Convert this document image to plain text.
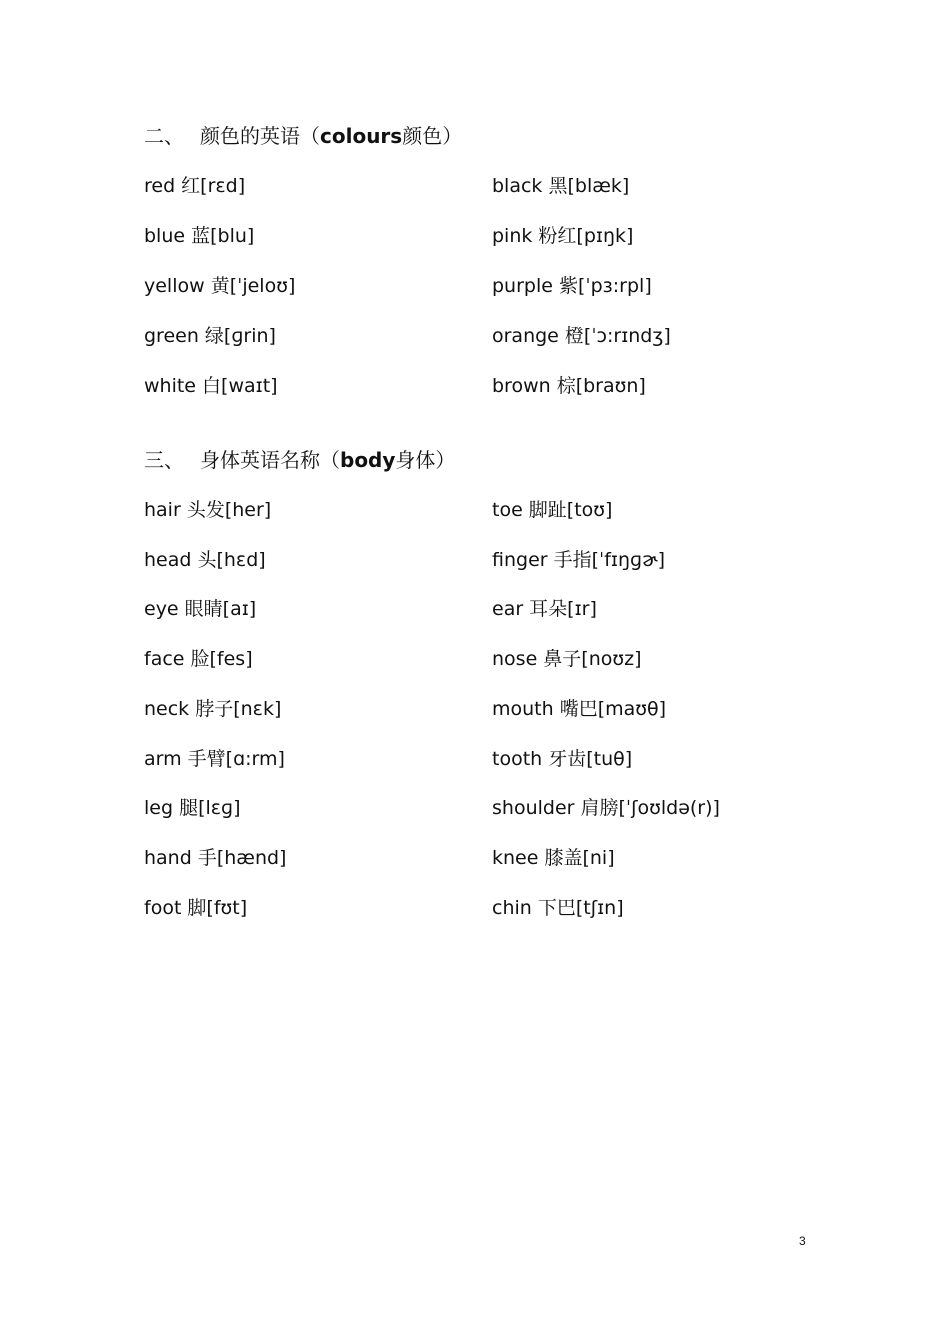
二、 颜色的英语（colours颜色）
red 红[rɛd]	black 黑[blæk]
blue 蓝[blu]	pink 粉红[pɪŋk]
yellow 黄[ˈjeloʊ]	purple 紫[ˈpɜ:rpl]
green 绿[ɡrin]	orange 橙[ˈɔ:rɪndʒ]
white 白[waɪt]	brown 棕[braʊn]
三、 身体英语名称（body身体）
hair 头发[her]	toe 脚趾[toʊ]
head 头[hɛd]	finger 手指[ˈfɪŋɡɚ]
eye 眼睛[aɪ]	ear 耳朵[ɪr]
face 脸[fes]	nose 鼻子[noʊz]
neck 脖子[nɛk]	mouth 嘴巴[maʊθ]
arm 手臂[ɑ:rm]	tooth 牙齿[tuθ]
leg 腿[lɛɡ]	shoulder 肩膀[ˈʃoʊldə(r)]
hand 手[hænd]	knee 膝盖[ni]
foot 脚[fʊt]	chin 下巴[tʃɪn]
3
